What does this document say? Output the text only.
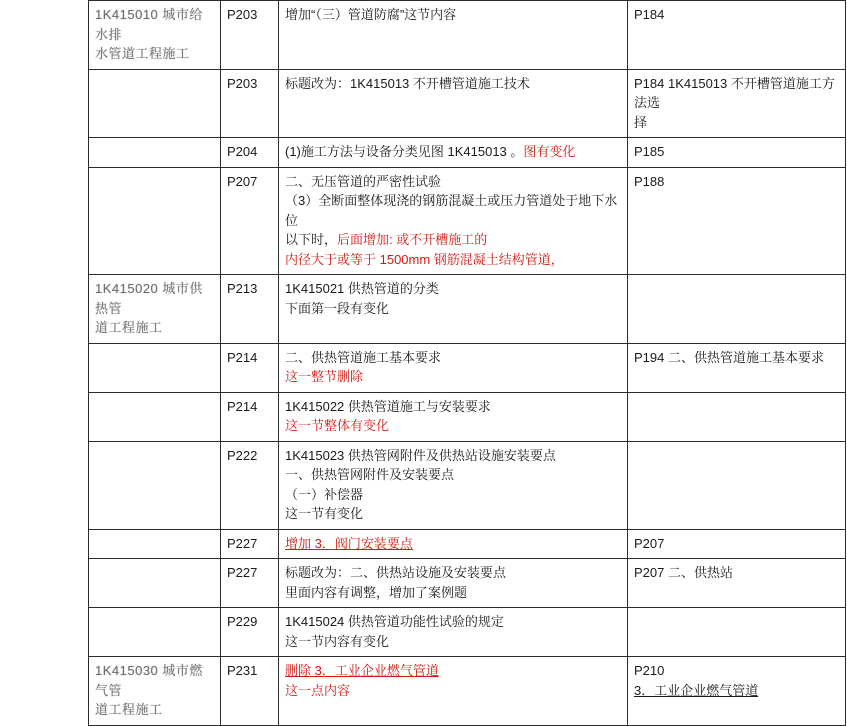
1K415010 城市给水排
水管道工程施工	P203	增加“（三）管道防腐”这节内容	P184

	P203	标题改为：1K415013 不开槽管道施工技术	P184 1K415013 不开槽管道施工方法选
择

	P204	(1)施工方法与设备分类见图 1K415013 。图有变化	P185

	P207	二、无压管道的严密性试验
（3）全断面整体现浇的钢筋混凝土或压力管道处于地下水位
以下时，后面增加: 或不开槽施工的
内径大于或等于 1500mm 钢筋混凝土结构管道，	P188

1K415020 城市供热管
道工程施工	P213	1K415021 供热管道的分类
下面第一段有变化	

	P214	二、供热管道施工基本要求
这一整节删除	P194 二、供热管道施工基本要求

	P214	1K415022 供热管道施工与安装要求
这一节整体有变化	

	P222	1K415023 供热管网附件及供热站设施安装要点
一、供热管网附件及安装要点
（一）补偿器
这一节有变化	

	P227	增加 3．阀门安装要点	P207

	P227	标题改为：二、供热站设施及安装要点
里面内容有调整，增加了案例题	P207 二、供热站

	P229	1K415024 供热管道功能性试验的规定
这一节内容有变化	

1K415030 城市燃气管
道工程施工	P231	删除 3．工业企业燃气管道
这一点内容	P210
3．工业企业燃气管道
